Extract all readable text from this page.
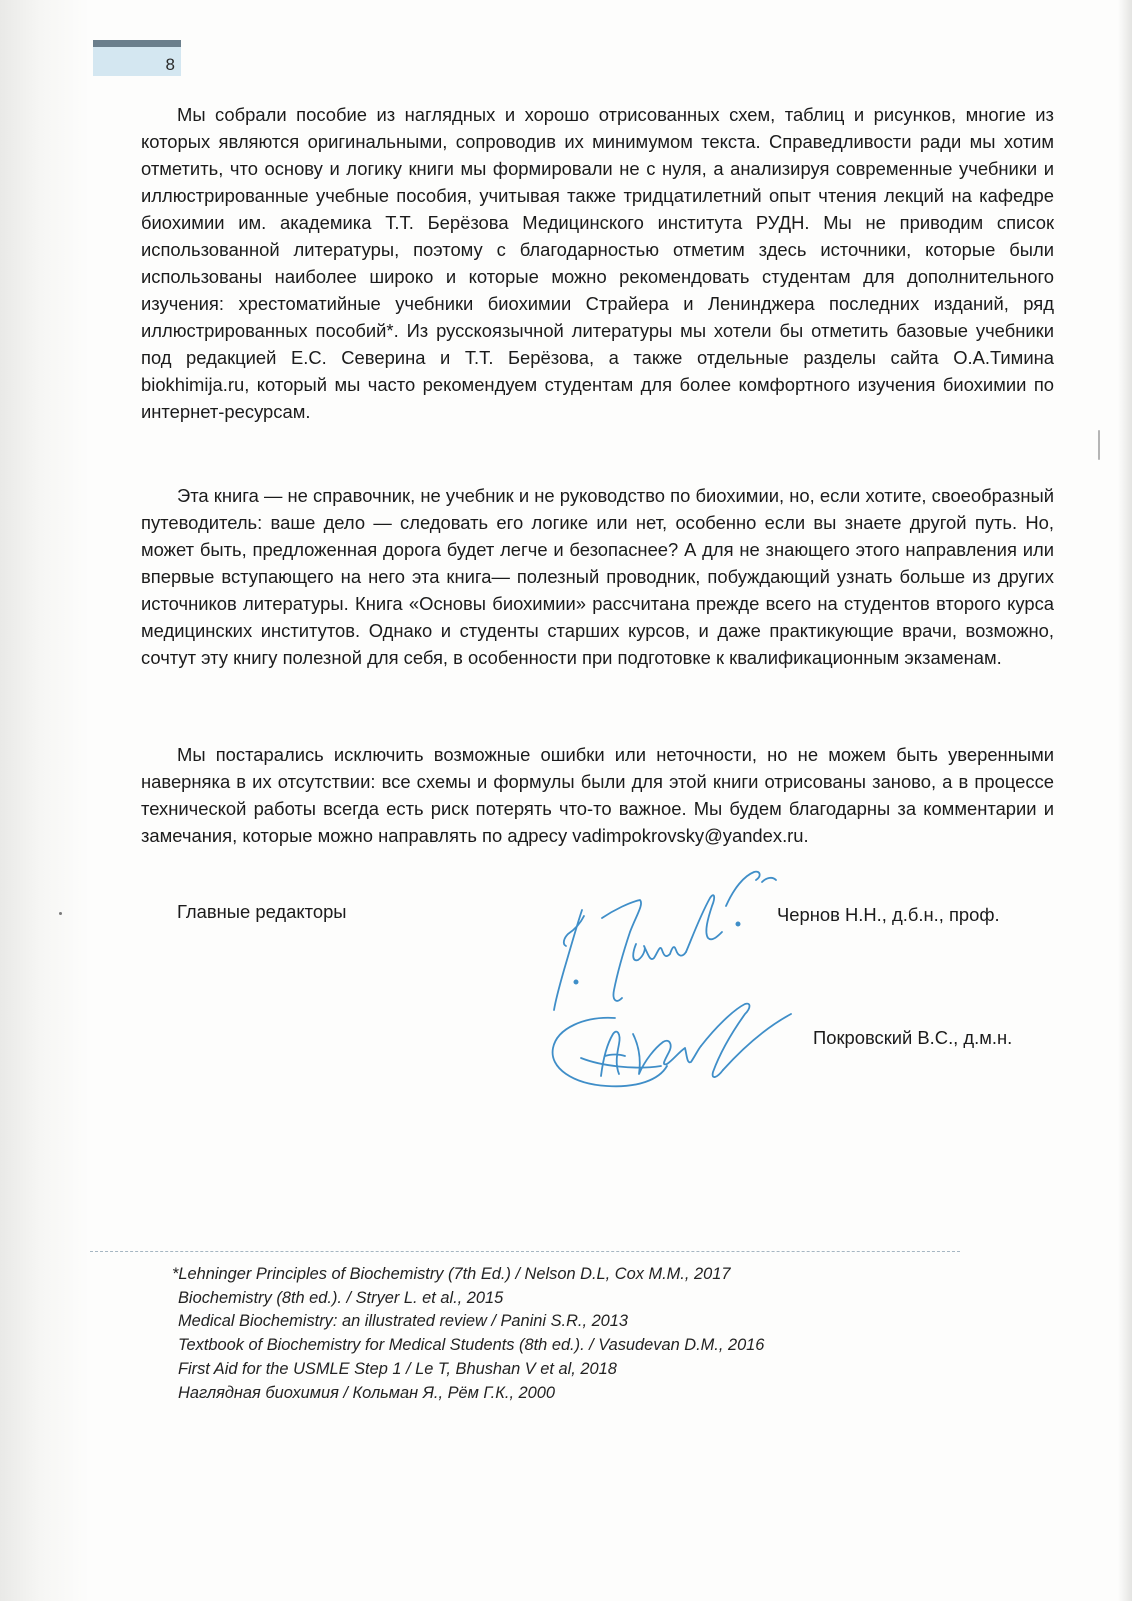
8

Мы собрали пособие из наглядных и хорошо отрисованных схем, таблиц и рисунков, многие из которых являются оригинальными, сопроводив их минимумом текста. Справедливости ради мы хотим отметить, что основу и логику книги мы формировали не с нуля, а анализируя современные учебники и иллюстрированные учебные пособия, учитывая также тридцатилетний опыт чтения лекций на кафедре биохимии им. академика Т.Т. Берёзова Медицинского института РУДН. Мы не приводим список использованной литературы, поэтому с благодарностью отметим здесь источники, которые были использованы наиболее широко и которые можно рекомендовать студентам для дополнительного изучения: хрестоматийные учебники биохимии Страйера и Ленинджера последних изданий, ряд иллюстрированных пособий*. Из русскоязычной литературы мы хотели бы отметить базовые учебники под редакцией Е.С. Северина и Т.Т. Берёзова, а также отдельные разделы сайта О.А.Тимина biokhimija.ru, который мы часто рекомендуем студентам для более комфортного изучения биохимии по интернет-ресурсам.

Эта книга — не справочник, не учебник и не руководство по биохимии, но, если хотите, своеобразный путеводитель: ваше дело — следовать его логике или нет, особенно если вы знаете другой путь. Но, может быть, предложенная дорога будет легче и безопаснее? А для не знающего этого направления или впервые вступающего на него эта книга— полезный проводник, побуждающий узнать больше из других источников литературы. Книга «Основы биохимии» рассчитана прежде всего на студентов второго курса медицинских институтов. Однако и студенты старших курсов, и даже практикующие врачи, возможно, сочтут эту книгу полезной для себя, в особенности при подготовке к квалификационным экзаменам.

Мы постарались исключить возможные ошибки или неточности, но не можем быть уверенными наверняка в их отсутствии: все схемы и формулы были для этой книги отрисованы заново, а в процессе технической работы всегда есть риск потерять что-то важное. Мы будем благодарны за комментарии и замечания, которые можно направлять по адресу vadimpokrovsky@yandex.ru.

Главные редакторы	Чернов Н.Н., д.б.н., проф.
Покровский В.С., д.м.н.
*Lehninger Principles of Biochemistry (7th Ed.) / Nelson D.L, Cox M.M., 2017
Biochemistry (8th ed.). / Stryer L. et al., 2015
Medical Biochemistry: an illustrated review / Panini S.R., 2013
Textbook of Biochemistry for Medical Students (8th ed.). / Vasudevan D.M., 2016
First Aid for the USMLE Step 1 / Le T, Bhushan V et al, 2018
Наглядная биохимия / Кольман Я., Рём Г.К., 2000
